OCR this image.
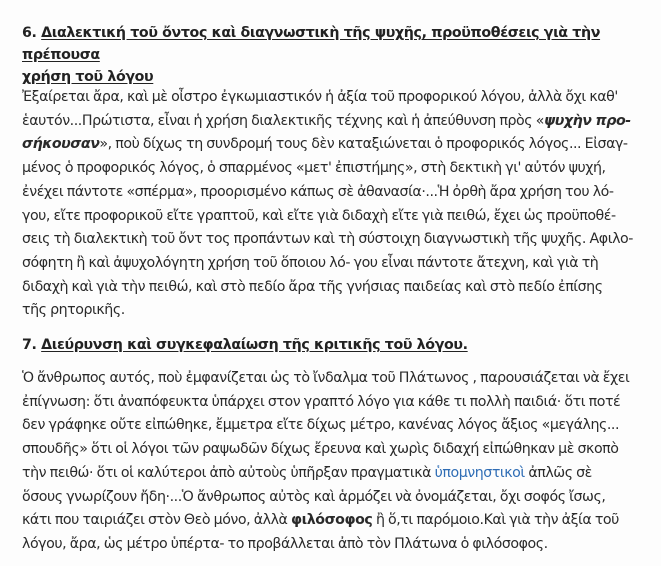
6. Διαλεκτική τοῦ ὄντος καὶ διαγνωστικὴ τῆς ψυχῆς, προϋποθέσεις γιὰ τὴν πρέπουσα
χρήση τοῦ λόγου

Ἐξαίρεται ἄρα, καὶ μὲ οἶστρο ἐγκωμιαστικόν ἡ ἀξία τοῦ προφορικού λόγου, ἀλλὰ ὄχι καθ'
ἑαυτόν...Πρώτιστα, εἶναι ἡ χρήση διαλεκτικῆς τέχνης καὶ ἡ ἀπεύθυνση πρὸς «ψυχὴν προ-
σήκουσαν», ποὺ δίχως τη συνδρομή τους δὲν καταξιώνεται ὁ προφορικός λόγος... Εἰσαγ-
μένος ὁ προφορικός λόγος, ὁ σπαρμένος «μετ' ἐπιστήμης», στὴ δεκτικὴ γι' αὐτόν ψυχή,
ἐνέχει πάντοτε «σπέρμα», προορισμένο κάπως σὲ ἀθανασία·...Ἡ ὀρθὴ ἄρα χρήση του λό-
γου, εἴτε προφορικοῦ εἴτε γραπτοῦ, καὶ εἴτε γιὰ διδαχὴ εἴτε γιὰ πειθώ, ἔχει ὡς προϋποθέ-
σεις τὴ διαλεκτικὴ τοῦ ὄντ τος προπάντων καὶ τὴ σύστοιχη διαγνωστικὴ τῆς ψυχῆς. Αφιλο-
σόφητη ἢ καὶ ἀψυχολόγητη χρήση τοῦ ὅποιου λό- γου εἶναι πάντοτε ἄτεχνη, καὶ γιὰ τὴ
διδαχὴ καὶ γιὰ τὴν πειθώ, καὶ στὸ πεδίο ἄρα τῆς γνήσιας παιδείας καὶ στὸ πεδίο ἐπίσης
τῆς ρητορικῆς.

7. Διεύρυνση καὶ συγκεφαλαίωση τῆς κριτικῆς τοῦ λόγου.

Ὁ ἄνθρωπος αυτός, ποὺ ἐμφανίζεται ὡς τὸ ἴνδαλμα τοῦ Πλάτωνος , παρουσιάζεται νὰ ἔχει
ἐπίγνωση: ὅτι ἀναπόφευκτα ὑπάρχει στον γραπτό λόγο για κάθε τι πολλὴ παιδιά· ὅτι ποτέ
δεν γράφηκε οὔτε εἰπώθηκε, ἔμμετρα εἴτε δίχως μέτρο, κανένας λόγος ἄξιος «μεγάλης...
σπουδῆς» ὅτι οἱ λόγοι τῶν ραψωδῶν δίχως ἔρευνα καὶ χωρὶς διδαχή εἰπώθηκαν μὲ σκοπὸ
τὴν πειθώ· ὅτι οἱ καλύτεροι ἀπὸ αὐτοὺς ὑπῆρξαν πραγματικὰ ὑπομνηστικοὶ ἀπλῶς σὲ
ὅσους γνωρίζουν ἤδη·...Ὁ ἄνθρωπος αὐτὸς καὶ ἁρμόζει νὰ ὀνομάζεται, ὄχι σοφός ἴσως,
κάτι που ταιριάζει στὸν Θεὸ μόνο, ἀλλὰ φιλόσοφος ἢ ὅ,τι παρόμοιο.Καὶ γιὰ τὴν ἀξία τοῦ
λόγου, ἄρα, ὡς μέτρο ὑπέρτα- το προβάλλεται ἀπὸ τὸν Πλάτωνα ὁ φιλόσοφος.
